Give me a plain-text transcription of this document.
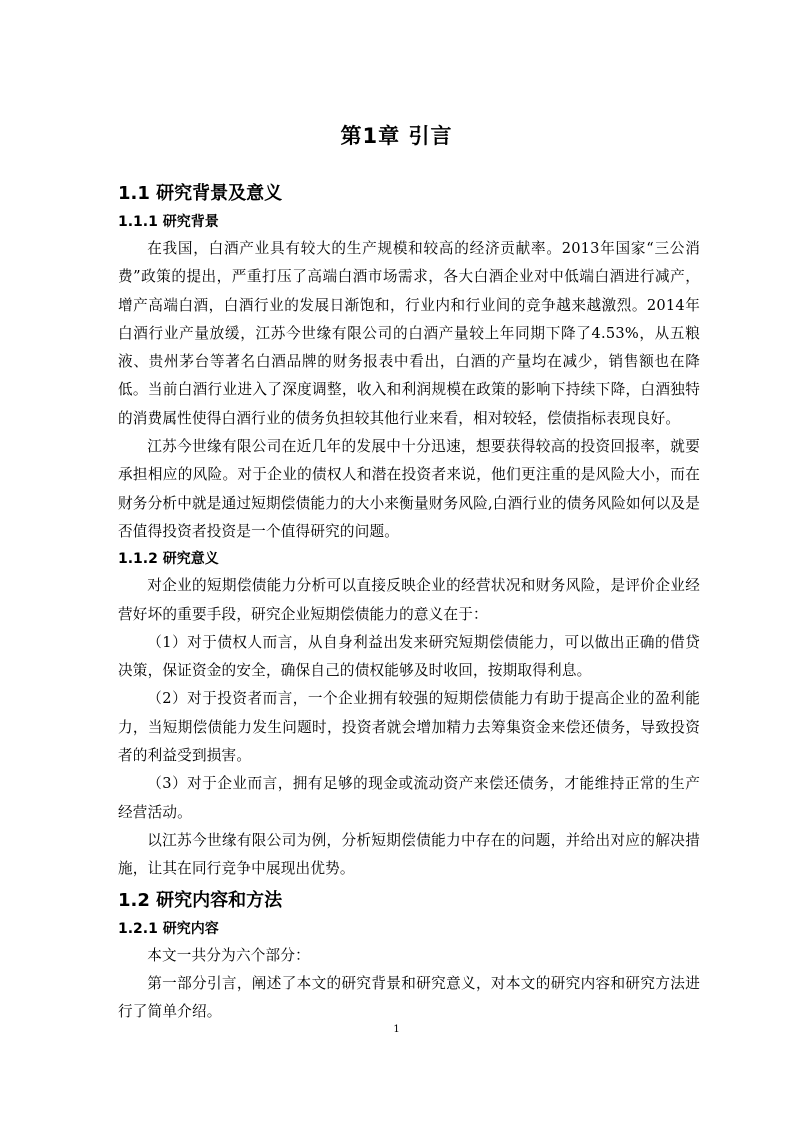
第1章 引言
1.1 研究背景及意义
1.1.1 研究背景

在我国，白酒产业具有较大的生产规模和较高的经济贡献率。2013年国家“三公消费”政策的提出，严重打压了高端白酒市场需求，各大白酒企业对中低端白酒进行减产，增产高端白酒，白酒行业的发展日渐饱和，行业内和行业间的竞争越来越激烈。2014年白酒行业产量放缓，江苏今世缘有限公司的白酒产量较上年同期下降了4.53%，从五粮液、贵州茅台等著名白酒品牌的财务报表中看出，白酒的产量均在减少，销售额也在降低。当前白酒行业进入了深度调整，收入和利润规模在政策的影响下持续下降，白酒独特的消费属性使得白酒行业的债务负担较其他行业来看，相对较轻，偿债指标表现良好。

江苏今世缘有限公司在近几年的发展中十分迅速，想要获得较高的投资回报率，就要承担相应的风险。对于企业的债权人和潜在投资者来说，他们更注重的是风险大小，而在财务分析中就是通过短期偿债能力的大小来衡量财务风险,白酒行业的债务风险如何以及是否值得投资者投资是一个值得研究的问题。

1.1.2 研究意义

对企业的短期偿债能力分析可以直接反映企业的经营状况和财务风险，是评价企业经营好坏的重要手段，研究企业短期偿债能力的意义在于：

（1）对于债权人而言，从自身利益出发来研究短期偿债能力，可以做出正确的借贷决策，保证资金的安全，确保自己的债权能够及时收回，按期取得利息。

（2）对于投资者而言，一个企业拥有较强的短期偿债能力有助于提高企业的盈利能力，当短期偿债能力发生问题时，投资者就会增加精力去筹集资金来偿还债务，导致投资者的利益受到损害。

（3）对于企业而言，拥有足够的现金或流动资产来偿还债务，才能维持正常的生产经营活动。

以江苏今世缘有限公司为例，分析短期偿债能力中存在的问题，并给出对应的解决措施，让其在同行竞争中展现出优势。

1.2 研究内容和方法
1.2.1 研究内容

本文一共分为六个部分：

第一部分引言，阐述了本文的研究背景和研究意义，对本文的研究内容和研究方法进行了简单介绍。

1
